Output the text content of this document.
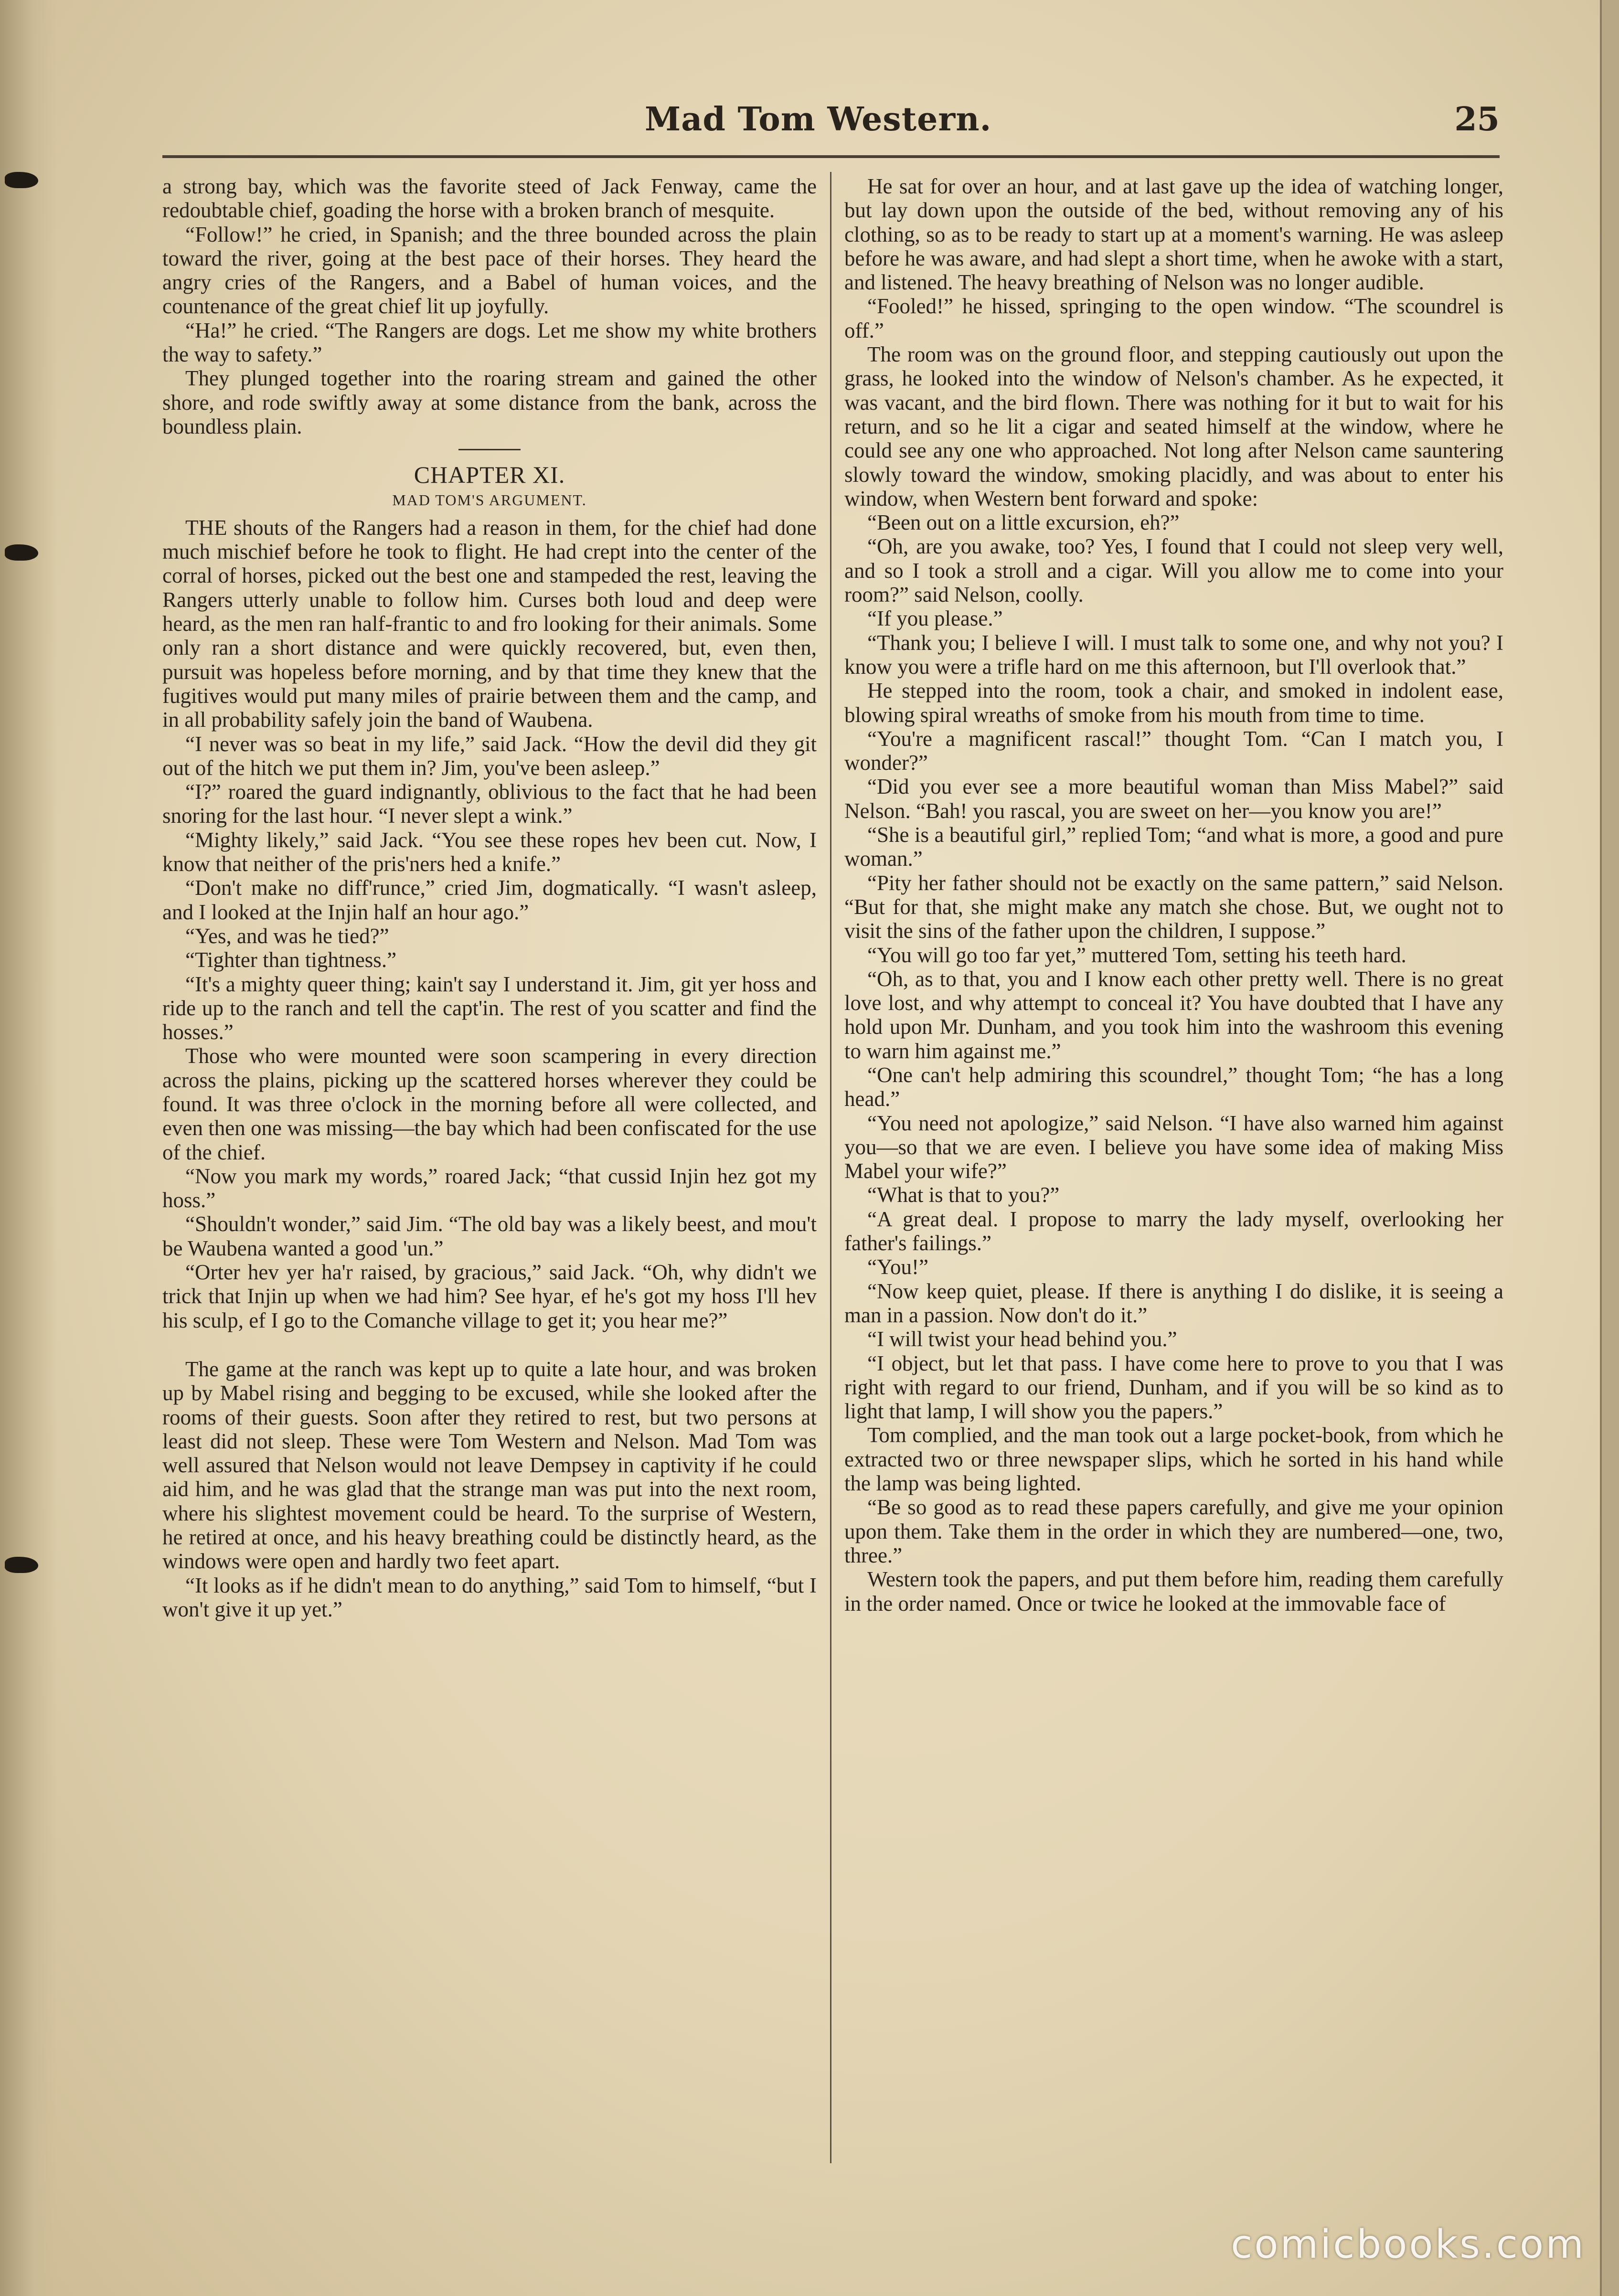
Mad Tom Western.	25

a strong bay, which was the favorite steed of Jack Fenway, came the redoubtable chief, goading the horse with a broken branch of mesquite.

“Follow!” he cried, in Spanish; and the three bounded across the plain toward the river, going at the best pace of their horses. They heard the angry cries of the Rangers, and a Babel of human voices, and the countenance of the great chief lit up joyfully.

“Ha!” he cried. “The Rangers are dogs. Let me show my white brothers the way to safety.”

They plunged together into the roaring stream and gained the other shore, and rode swiftly away at some distance from the bank, across the boundless plain.

CHAPTER XI.

MAD TOM'S ARGUMENT.

THE shouts of the Rangers had a reason in them, for the chief had done much mischief before he took to flight. He had crept into the center of the corral of horses, picked out the best one and stampeded the rest, leaving the Rangers utterly unable to follow him. Curses both loud and deep were heard, as the men ran half-frantic to and fro looking for their animals. Some only ran a short distance and were quickly recovered, but, even then, pursuit was hopeless before morning, and by that time they knew that the fugitives would put many miles of prairie between them and the camp, and in all probability safely join the band of Waubena.

“I never was so beat in my life,” said Jack. “How the devil did they git out of the hitch we put them in? Jim, you've been asleep.”

“I?” roared the guard indignantly, oblivious to the fact that he had been snoring for the last hour. “I never slept a wink.”

“Mighty likely,” said Jack. “You see these ropes hev been cut. Now, I know that neither of the pris'ners hed a knife.”

“Don't make no diff'runce,” cried Jim, dogmatically. “I wasn't asleep, and I looked at the Injin half an hour ago.”

“Yes, and was he tied?”

“Tighter than tightness.”

“It's a mighty queer thing; kain't say I understand it. Jim, git yer hoss and ride up to the ranch and tell the capt'in. The rest of you scatter and find the hosses.”

Those who were mounted were soon scampering in every direction across the plains, picking up the scattered horses wherever they could be found. It was three o'clock in the morning before all were collected, and even then one was missing—the bay which had been confiscated for the use of the chief.

“Now you mark my words,” roared Jack; “that cussid Injin hez got my hoss.”

“Shouldn't wonder,” said Jim. “The old bay was a likely beest, and mou't be Waubena wanted a good 'un.”

“Orter hev yer ha'r raised, by gracious,” said Jack. “Oh, why didn't we trick that Injin up when we had him? See hyar, ef he's got my hoss I'll hev his sculp, ef I go to the Comanche village to get it; you hear me?”

The game at the ranch was kept up to quite a late hour, and was broken up by Mabel rising and begging to be excused, while she looked after the rooms of their guests. Soon after they retired to rest, but two persons at least did not sleep. These were Tom Western and Nelson. Mad Tom was well assured that Nelson would not leave Dempsey in captivity if he could aid him, and he was glad that the strange man was put into the next room, where his slightest movement could be heard. To the surprise of Western, he retired at once, and his heavy breathing could be distinctly heard, as the windows were open and hardly two feet apart.

“It looks as if he didn't mean to do anything,” said Tom to himself, “but I won't give it up yet.”

He sat for over an hour, and at last gave up the idea of watching longer, but lay down upon the outside of the bed, without removing any of his clothing, so as to be ready to start up at a moment's warning. He was asleep before he was aware, and had slept a short time, when he awoke with a start, and listened. The heavy breathing of Nelson was no longer audible.

“Fooled!” he hissed, springing to the open window. “The scoundrel is off.”

The room was on the ground floor, and stepping cautiously out upon the grass, he looked into the window of Nelson's chamber. As he expected, it was vacant, and the bird flown. There was nothing for it but to wait for his return, and so he lit a cigar and seated himself at the window, where he could see any one who approached. Not long after Nelson came sauntering slowly toward the window, smoking placidly, and was about to enter his window, when Western bent forward and spoke:

“Been out on a little excursion, eh?”

“Oh, are you awake, too? Yes, I found that I could not sleep very well, and so I took a stroll and a cigar. Will you allow me to come into your room?” said Nelson, coolly.

“If you please.”

“Thank you; I believe I will. I must talk to some one, and why not you? I know you were a trifle hard on me this afternoon, but I'll overlook that.”

He stepped into the room, took a chair, and smoked in indolent ease, blowing spiral wreaths of smoke from his mouth from time to time.

“You're a magnificent rascal!” thought Tom. “Can I match you, I wonder?”

“Did you ever see a more beautiful woman than Miss Mabel?” said Nelson. “Bah! you rascal, you are sweet on her—you know you are!”

“She is a beautiful girl,” replied Tom; “and what is more, a good and pure woman.”

“Pity her father should not be exactly on the same pattern,” said Nelson. “But for that, she might make any match she chose. But, we ought not to visit the sins of the father upon the children, I suppose.”

“You will go too far yet,” muttered Tom, setting his teeth hard.

“Oh, as to that, you and I know each other pretty well. There is no great love lost, and why attempt to conceal it? You have doubted that I have any hold upon Mr. Dunham, and you took him into the washroom this evening to warn him against me.”

“One can't help admiring this scoundrel,” thought Tom; “he has a long head.”

“You need not apologize,” said Nelson. “I have also warned him against you—so that we are even. I believe you have some idea of making Miss Mabel your wife?”

“What is that to you?”

“A great deal. I propose to marry the lady myself, overlooking her father's failings.”

“You!”

“Now keep quiet, please. If there is anything I do dislike, it is seeing a man in a passion. Now don't do it.”

“I will twist your head behind you.”

“I object, but let that pass. I have come here to prove to you that I was right with regard to our friend, Dunham, and if you will be so kind as to light that lamp, I will show you the papers.”

Tom complied, and the man took out a large pocket-book, from which he extracted two or three newspaper slips, which he sorted in his hand while the lamp was being lighted.

“Be so good as to read these papers carefully, and give me your opinion upon them. Take them in the order in which they are numbered—one, two, three.”

Western took the papers, and put them before him, reading them carefully in the order named. Once or twice he looked at the immovable face of

comicbooks.com
